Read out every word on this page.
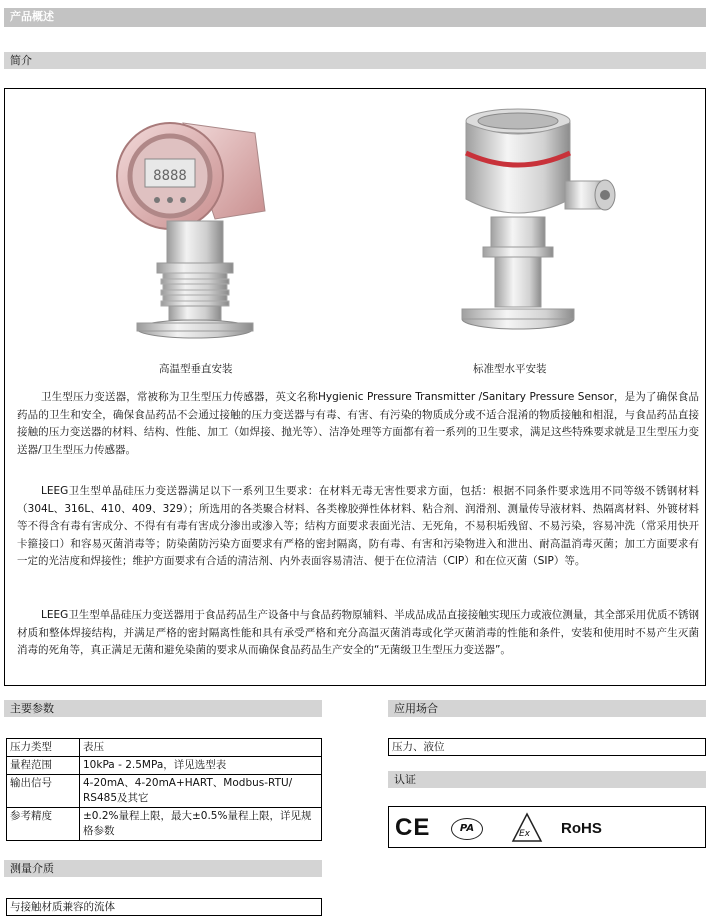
产品概述
简介
8888
高温型垂直安装	标准型水平安装

卫生型压力变送器，常被称为卫生型压力传感器，英文名称Hygienic Pressure Transmitter /Sanitary Pressure Sensor，是为了确保食品药品的卫生和安全，确保食品药品不会通过接触的压力变送器与有毒、有害、有污染的物质成分或不适合混淆的物质接触和相混，与食品药品直接接触的压力变送器的材料、结构、性能、加工（如焊接、抛光等）、洁净处理等方面都有着一系列的卫生要求，满足这些特殊要求就是卫生型压力变送器/卫生型压力传感器。

LEEG卫生型单晶硅压力变送器满足以下一系列卫生要求：在材料无毒无害性要求方面，包括：根据不同条件要求选用不同等级不锈钢材料（304L、316L、410、409、329）；所选用的各类聚合材料、各类橡胶弹性体材料、粘合剂、润滑剂、测量传导液材料、热隔离材料、外镀材料等不得含有毒有害成分、不得有有毒有害成分渗出或渗入等；结构方面要求表面光洁、无死角，不易积垢残留、不易污染，容易冲洗（常采用快开卡箍接口）和容易灭菌消毒等；防染菌防污染方面要求有严格的密封隔离，防有毒、有害和污染物进入和泄出、耐高温消毒灭菌；加工方面要求有一定的光洁度和焊接性；维护方面要求有合适的清洁剂、内外表面容易清洁、便于在位清洁（CIP）和在位灭菌（SIP）等。

LEEG卫生型单晶硅压力变送器用于食品药品生产设备中与食品药物原辅料、半成品成品直接接触实现压力或液位测量，其全部采用优质不锈钢材质和整体焊接结构，并满足严格的密封隔离性能和具有承受严格和充分高温灭菌消毒或化学灭菌消毒的性能和条件，安装和使用时不易产生灭菌消毒的死角等，真正满足无菌和避免染菌的要求从而确保食品药品生产安全的“无菌级卫生型压力变送器”。

主要参数
压力类型	表压
量程范围	10kPa - 2.5MPa，详见选型表
输出信号	4-20mA、4-20mA+HART、Modbus-RTU/ RS485及其它
参考精度	±0.2%量程上限，最大±0.5%量程上限，详见规格参数
应用场合
压力、液位
认证
CE	PA	Ex RoHS
测量介质
与接触材质兼容的流体
